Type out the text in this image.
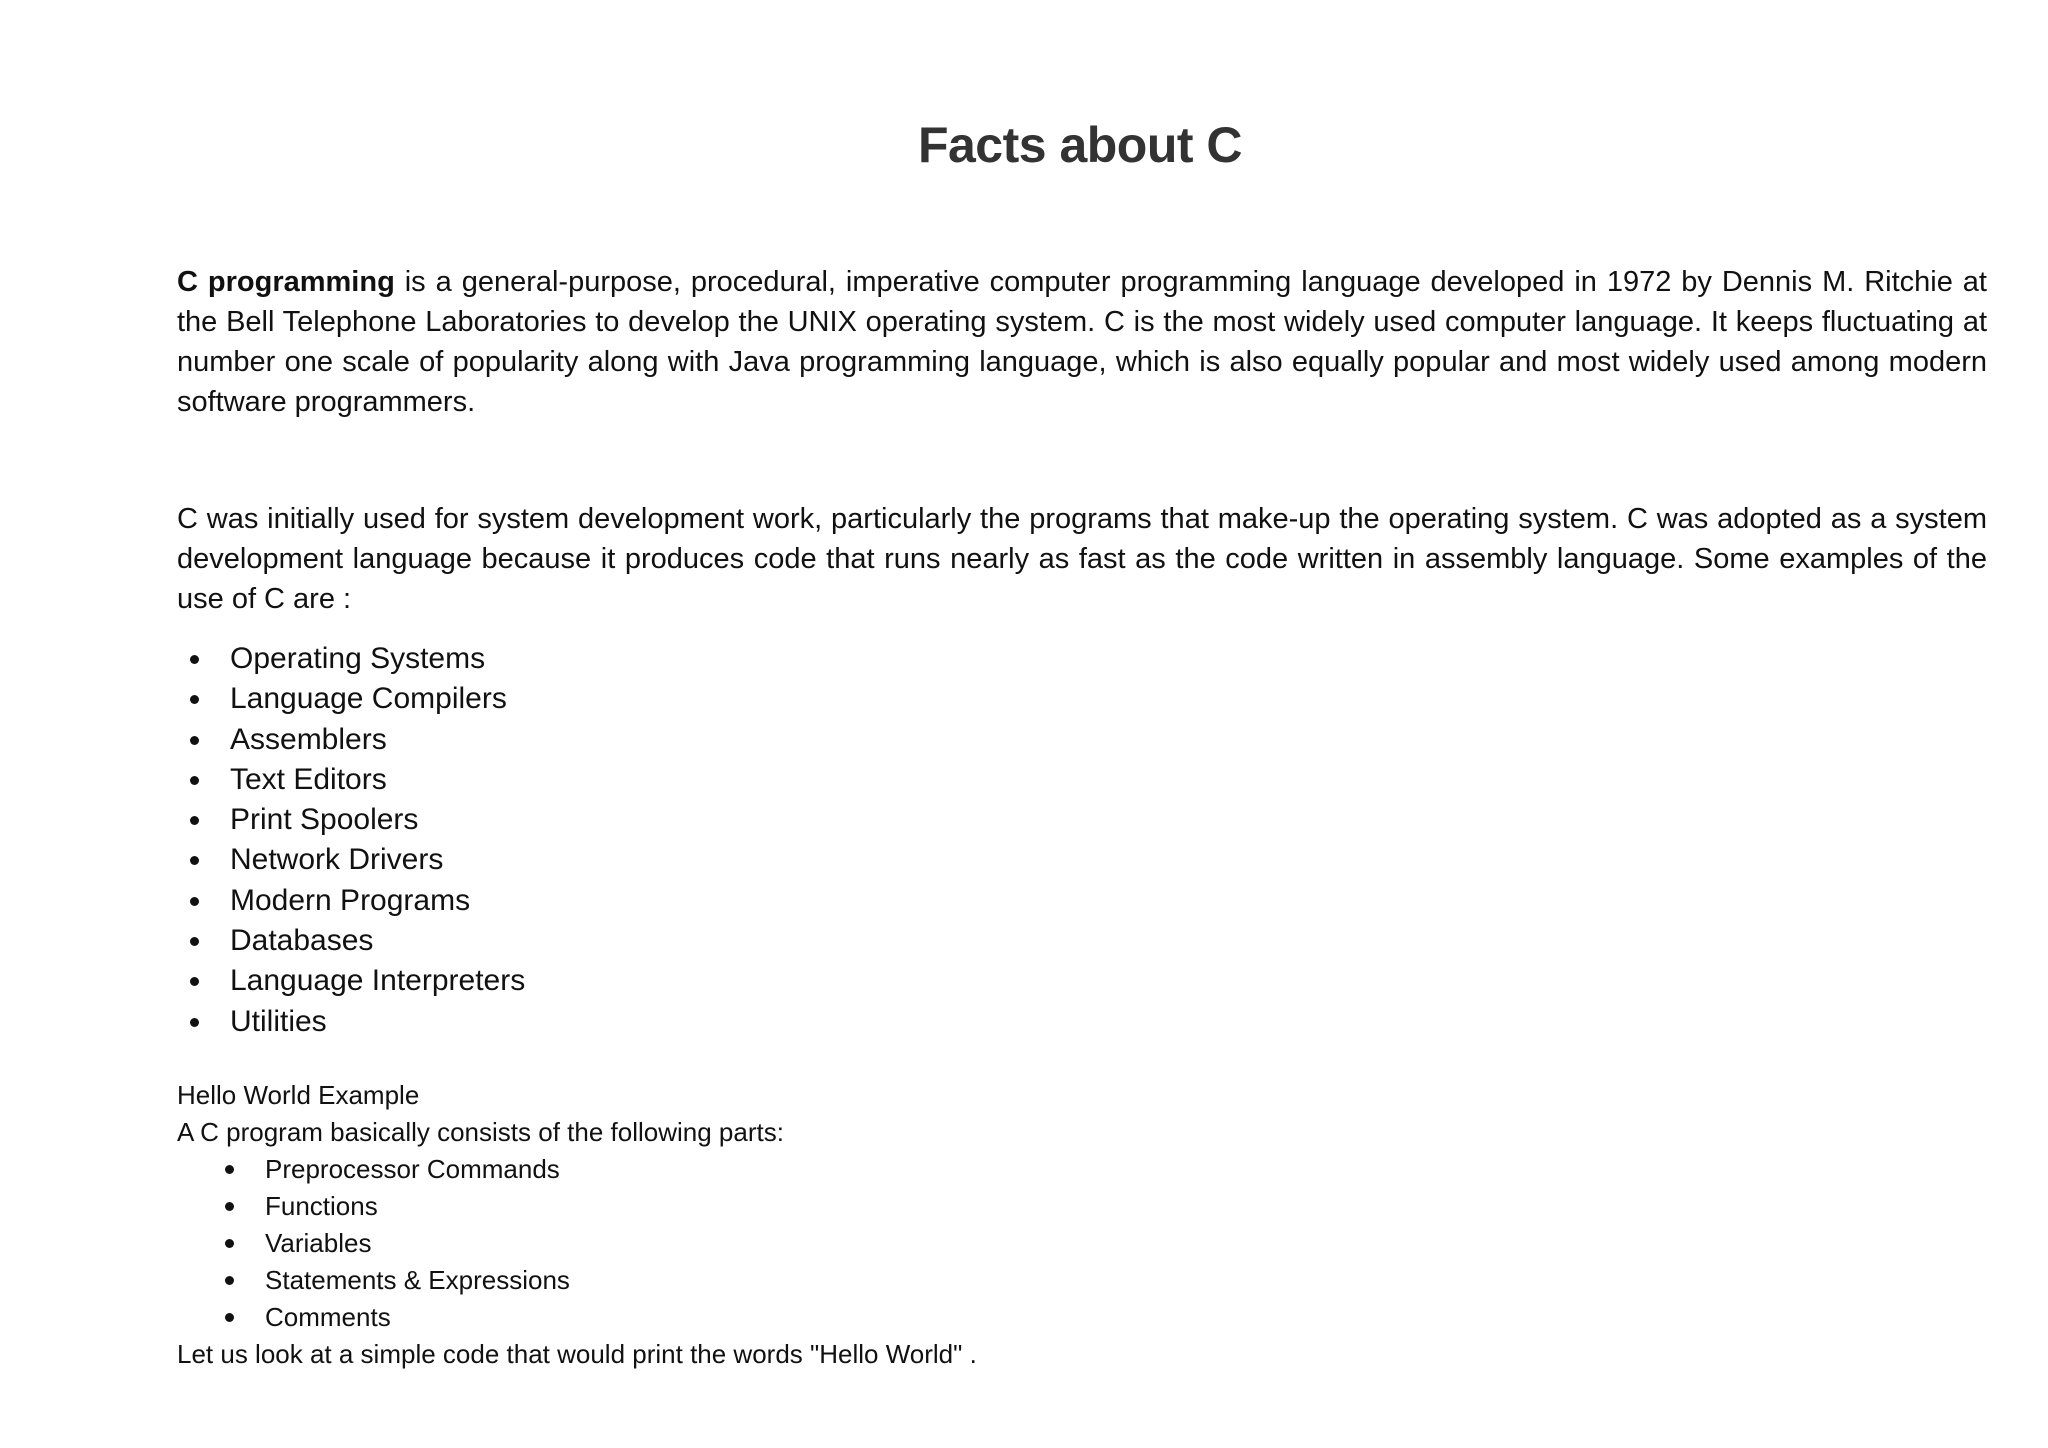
Facts about C

C programming is a general-purpose, procedural, imperative computer programming language developed in 1972 by Dennis M. Ritchie at the Bell Telephone Laboratories to develop the UNIX operating system. C is the most widely used computer language. It keeps fluctuating at number one scale of popularity along with Java programming language, which is also equally popular and most widely used among modern software programmers.

C was initially used for system development work, particularly the programs that make-up the operating system. C was adopted as a system development language because it produces code that runs nearly as fast as the code written in assembly language. Some examples of the use of C are :

Operating Systems
Language Compilers
Assemblers
Text Editors
Print Spoolers
Network Drivers
Modern Programs
Databases
Language Interpreters
Utilities

Hello World Example

A C program basically consists of the following parts:

Preprocessor Commands
Functions
Variables
Statements & Expressions
Comments

Let us look at a simple code that would print the words "Hello World" .
